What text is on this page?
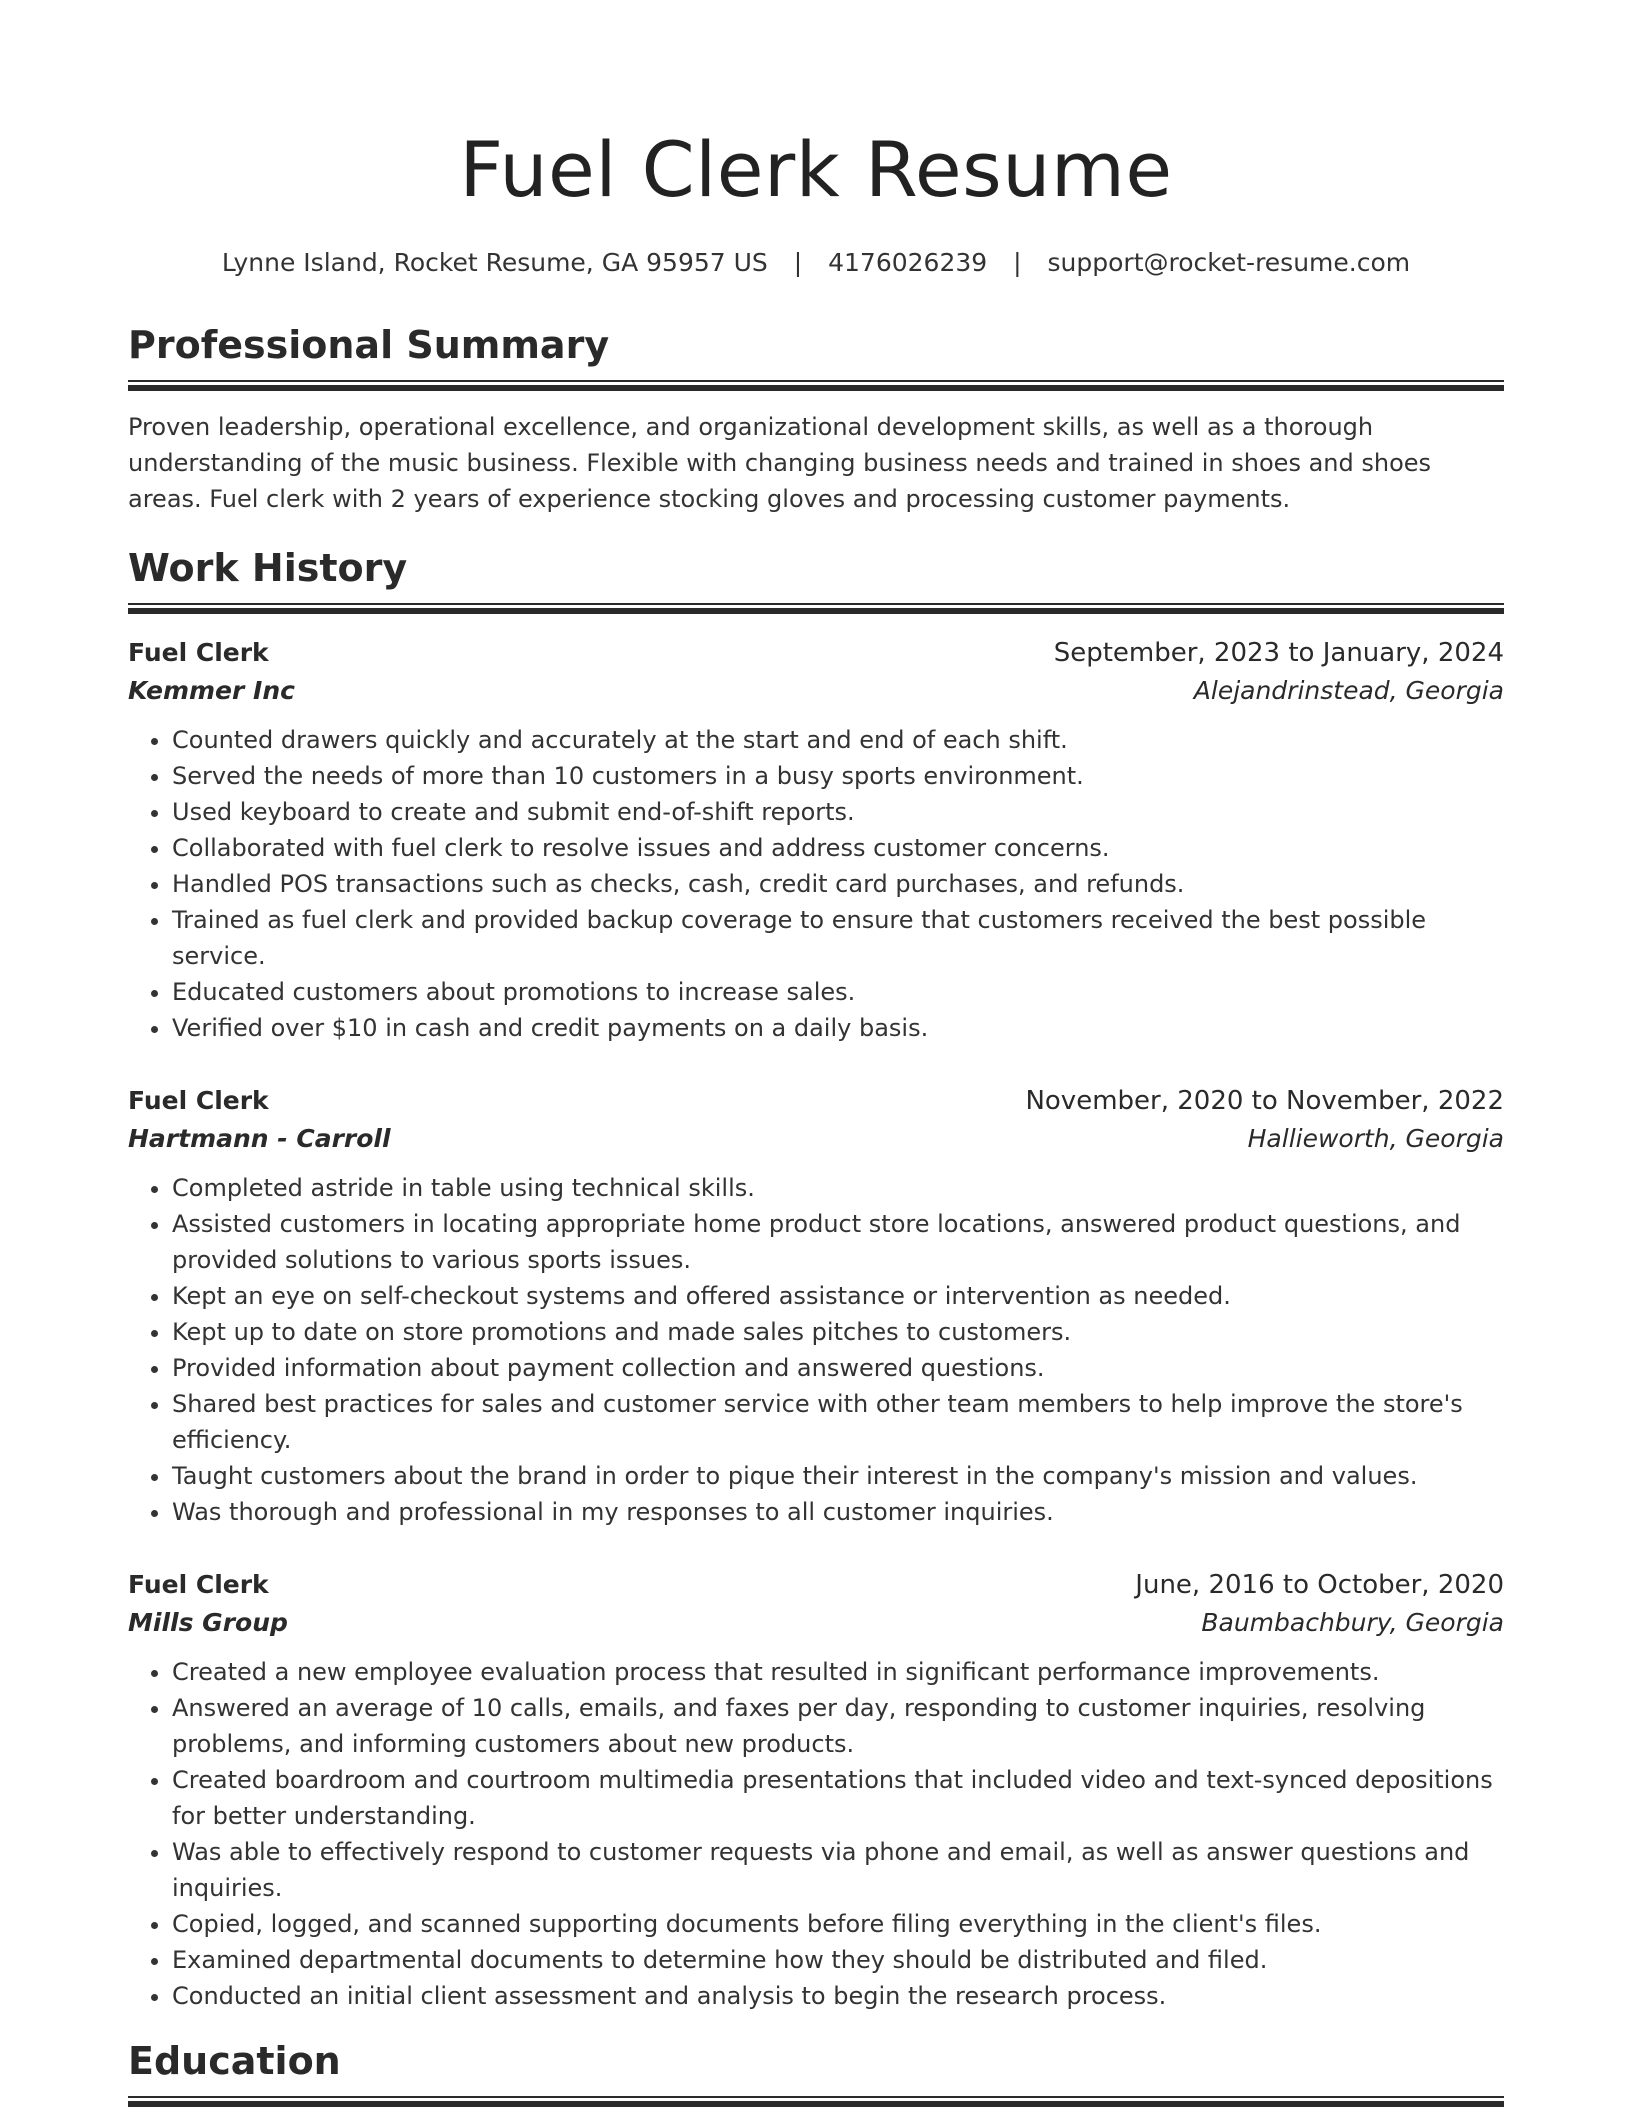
Fuel Clerk Resume
Lynne Island, Rocket Resume, GA 95957 US | 4176026239 | support@rocket-resume.com
Professional Summary

Proven leadership, operational excellence, and organizational development skills, as well as a thorough understanding of the music business. Flexible with changing business needs and trained in shoes and shoes areas. Fuel clerk with 2 years of experience stocking gloves and processing customer payments.

Work History
Fuel Clerk	September, 2023 to January, 2024
Kemmer Inc	Alejandrinstead, Georgia
• Counted drawers quickly and accurately at the start and end of each shift.
• Served the needs of more than 10 customers in a busy sports environment.
• Used keyboard to create and submit end-of-shift reports.
• Collaborated with fuel clerk to resolve issues and address customer concerns.
• Handled POS transactions such as checks, cash, credit card purchases, and refunds.
• Trained as fuel clerk and provided backup coverage to ensure that customers received the best possible service.
• Educated customers about promotions to increase sales.
• Verified over $10 in cash and credit payments on a daily basis.
Fuel Clerk	November, 2020 to November, 2022
Hartmann - Carroll	Hallieworth, Georgia
• Completed astride in table using technical skills.
• Assisted customers in locating appropriate home product store locations, answered product questions, and provided solutions to various sports issues.
• Kept an eye on self-checkout systems and offered assistance or intervention as needed.
• Kept up to date on store promotions and made sales pitches to customers.
• Provided information about payment collection and answered questions.
• Shared best practices for sales and customer service with other team members to help improve the store's efficiency.
• Taught customers about the brand in order to pique their interest in the company's mission and values.
• Was thorough and professional in my responses to all customer inquiries.
Fuel Clerk	June, 2016 to October, 2020
Mills Group	Baumbachbury, Georgia
• Created a new employee evaluation process that resulted in significant performance improvements.
• Answered an average of 10 calls, emails, and faxes per day, responding to customer inquiries, resolving problems, and informing customers about new products.
• Created boardroom and courtroom multimedia presentations that included video and text-synced depositions for better understanding.
• Was able to effectively respond to customer requests via phone and email, as well as answer questions and inquiries.
• Copied, logged, and scanned supporting documents before filing everything in the client's files.
• Examined departmental documents to determine how they should be distributed and filed.
• Conducted an initial client assessment and analysis to begin the research process.
Education
